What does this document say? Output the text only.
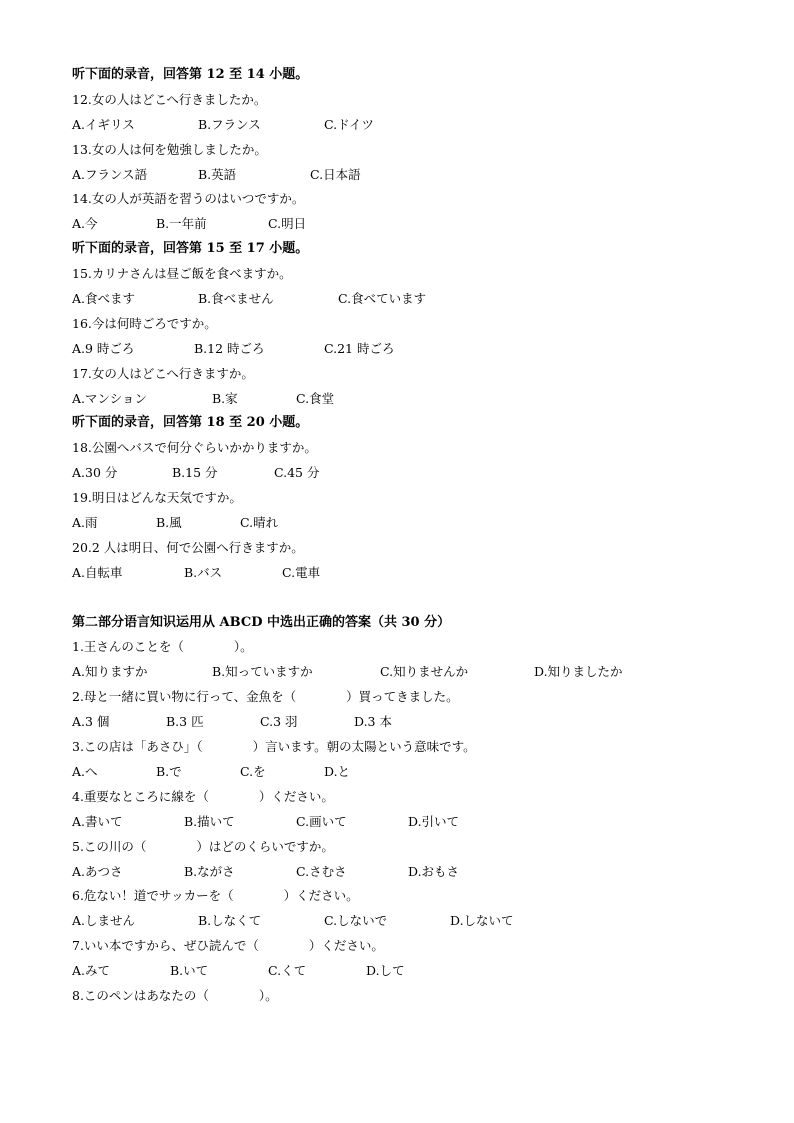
听下面的录音，回答第 12 至 14 小题。
12.女の人はどこへ行きましたか。
A.イギリス	B.フランス	C.ドイツ
13.女の人は何を勉強しましたか。
A.フランス語	B.英語	C.日本語
14.女の人が英語を習うのはいつですか。
A.今	B.一年前	C.明日
听下面的录音，回答第 15 至 17 小题。
15.カリナさんは昼ご飯を食べますか。
A.食べます	B.食べません	C.食べています
16.今は何時ごろですか。
A.9 時ごろ	B.12 時ごろ	C.21 時ごろ
17.女の人はどこへ行きますか。
A.マンション	B.家	C.食堂
听下面的录音，回答第 18 至 20 小题。
18.公園へバスで何分ぐらいかかりますか。
A.30 分	B.15 分	C.45 分
19.明日はどんな天気ですか。
A.雨	B.風	C.晴れ
20.2 人は明日、何で公園へ行きますか。
A.自転車	B.バス	C.電車
第二部分语言知识运用从 ABCD 中选出正确的答案（共 30 分）
1.王さんのことを（　　　　）。
A.知りますか	B.知っていますか	C.知りませんか	D.知りましたか
2.母と一緒に買い物に行って、金魚を（　　　　）買ってきました。
A.3 個	B.3 匹	C.3 羽	D.3 本
3.この店は「あさひ」（　　　　）言います。朝の太陽という意味です。
A.へ	B.で	C.を	D.と
4.重要なところに線を（　　　　）ください。
A.書いて	B.描いて	C.画いて	D.引いて
5.この川の（　　　　）はどのくらいですか。
A.あつさ	B.ながさ	C.さむさ	D.おもさ
6.危ない！道でサッカーを（　　　　）ください。
A.しません	B.しなくて	C.しないで	D.しないて
7.いい本ですから、ぜひ読んで（　　　　）ください。
A.みて	B.いて	C.くて	D.して
8.このペンはあなたの（　　　　）。
